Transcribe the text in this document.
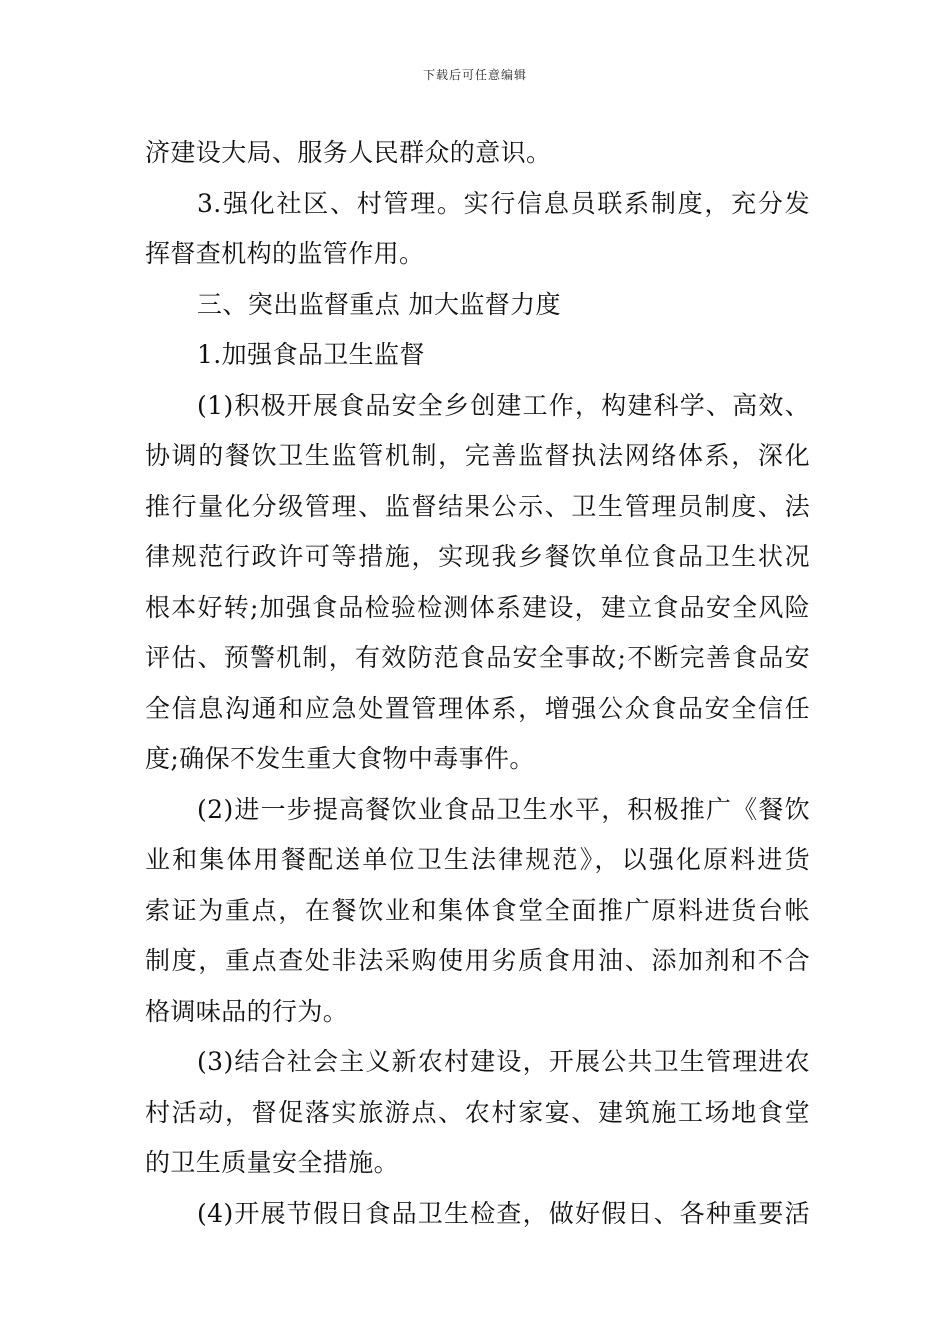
下载后可任意编辑

济建设大局、服务人民群众的意识。

3.强化社区、村管理。实行信息员联系制度，充分发
挥督查机构的监管作用。

三、突出监督重点 加大监督力度

1.加强食品卫生监督

(1)积极开展食品安全乡创建工作，构建科学、高效、
协调的餐饮卫生监管机制，完善监督执法网络体系，深化
推行量化分级管理、监督结果公示、卫生管理员制度、法
律规范行政许可等措施，实现我乡餐饮单位食品卫生状况
根本好转;加强食品检验检测体系建设，建立食品安全风险
评估、预警机制，有效防范食品安全事故;不断完善食品安
全信息沟通和应急处置管理体系，增强公众食品安全信任
度;确保不发生重大食物中毒事件。

(2)进一步提高餐饮业食品卫生水平，积极推广《餐饮
业和集体用餐配送单位卫生法律规范》，以强化原料进货
索证为重点，在餐饮业和集体食堂全面推广原料进货台帐
制度，重点查处非法采购使用劣质食用油、添加剂和不合
格调味品的行为。

(3)结合社会主义新农村建设，开展公共卫生管理进农
村活动，督促落实旅游点、农村家宴、建筑施工场地食堂
的卫生质量安全措施。

(4)开展节假日食品卫生检查，做好假日、各种重要活
